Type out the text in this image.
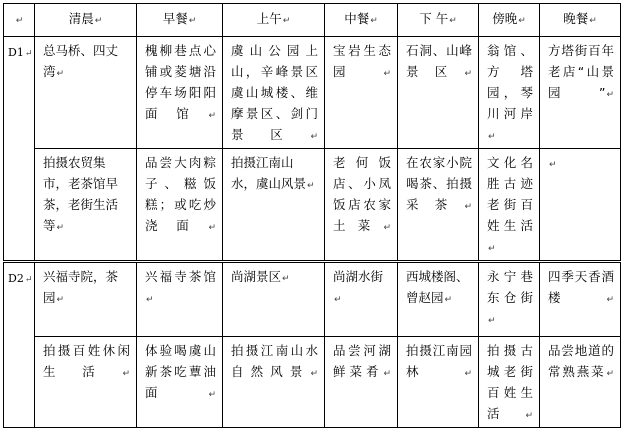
↵	清晨↵	早餐↵	上午↵	中餐↵	下 午↵	傍晚↵	晚餐↵
D1↵	总马桥、四丈湾↵	槐柳巷点心铺或菱塘沿停车场阳阳面馆↵	虞山公园上山，辛峰景区虞山城楼、维摩景区、剑门景区↵	宝岩生态园↵	石洞、山峰景区↵	翁馆、方塔园，琴川河岸↵	方塔街百年老店“山景园”↵
	拍摄农贸集市，老茶馆早茶，老街生活等↵	品尝大肉粽子、糍饭糕；或吃炒浇面↵	拍摄江南山水，虞山风景↵	老何饭店、小凤饭店农家土菜↵	在农家小院喝茶、拍摄采茶↵	文化名胜古迹老街百姓生活↵	↵
D2↵	兴福寺院，茶园↵	兴福寺茶馆↵	尚湖景区↵	尚湖水街↵	西城楼阁、曾赵园↵	永宁巷东仓街↵	四季天香酒楼↵
	拍摄百姓休闲生活↵	体验喝虞山新茶吃蕈油面↵	拍摄江南山水自然风景↵	品尝河湖鲜菜肴↵	拍摄江南园林↵	拍摄古城老街百姓生活↵	品尝地道的常熟燕菜↵
